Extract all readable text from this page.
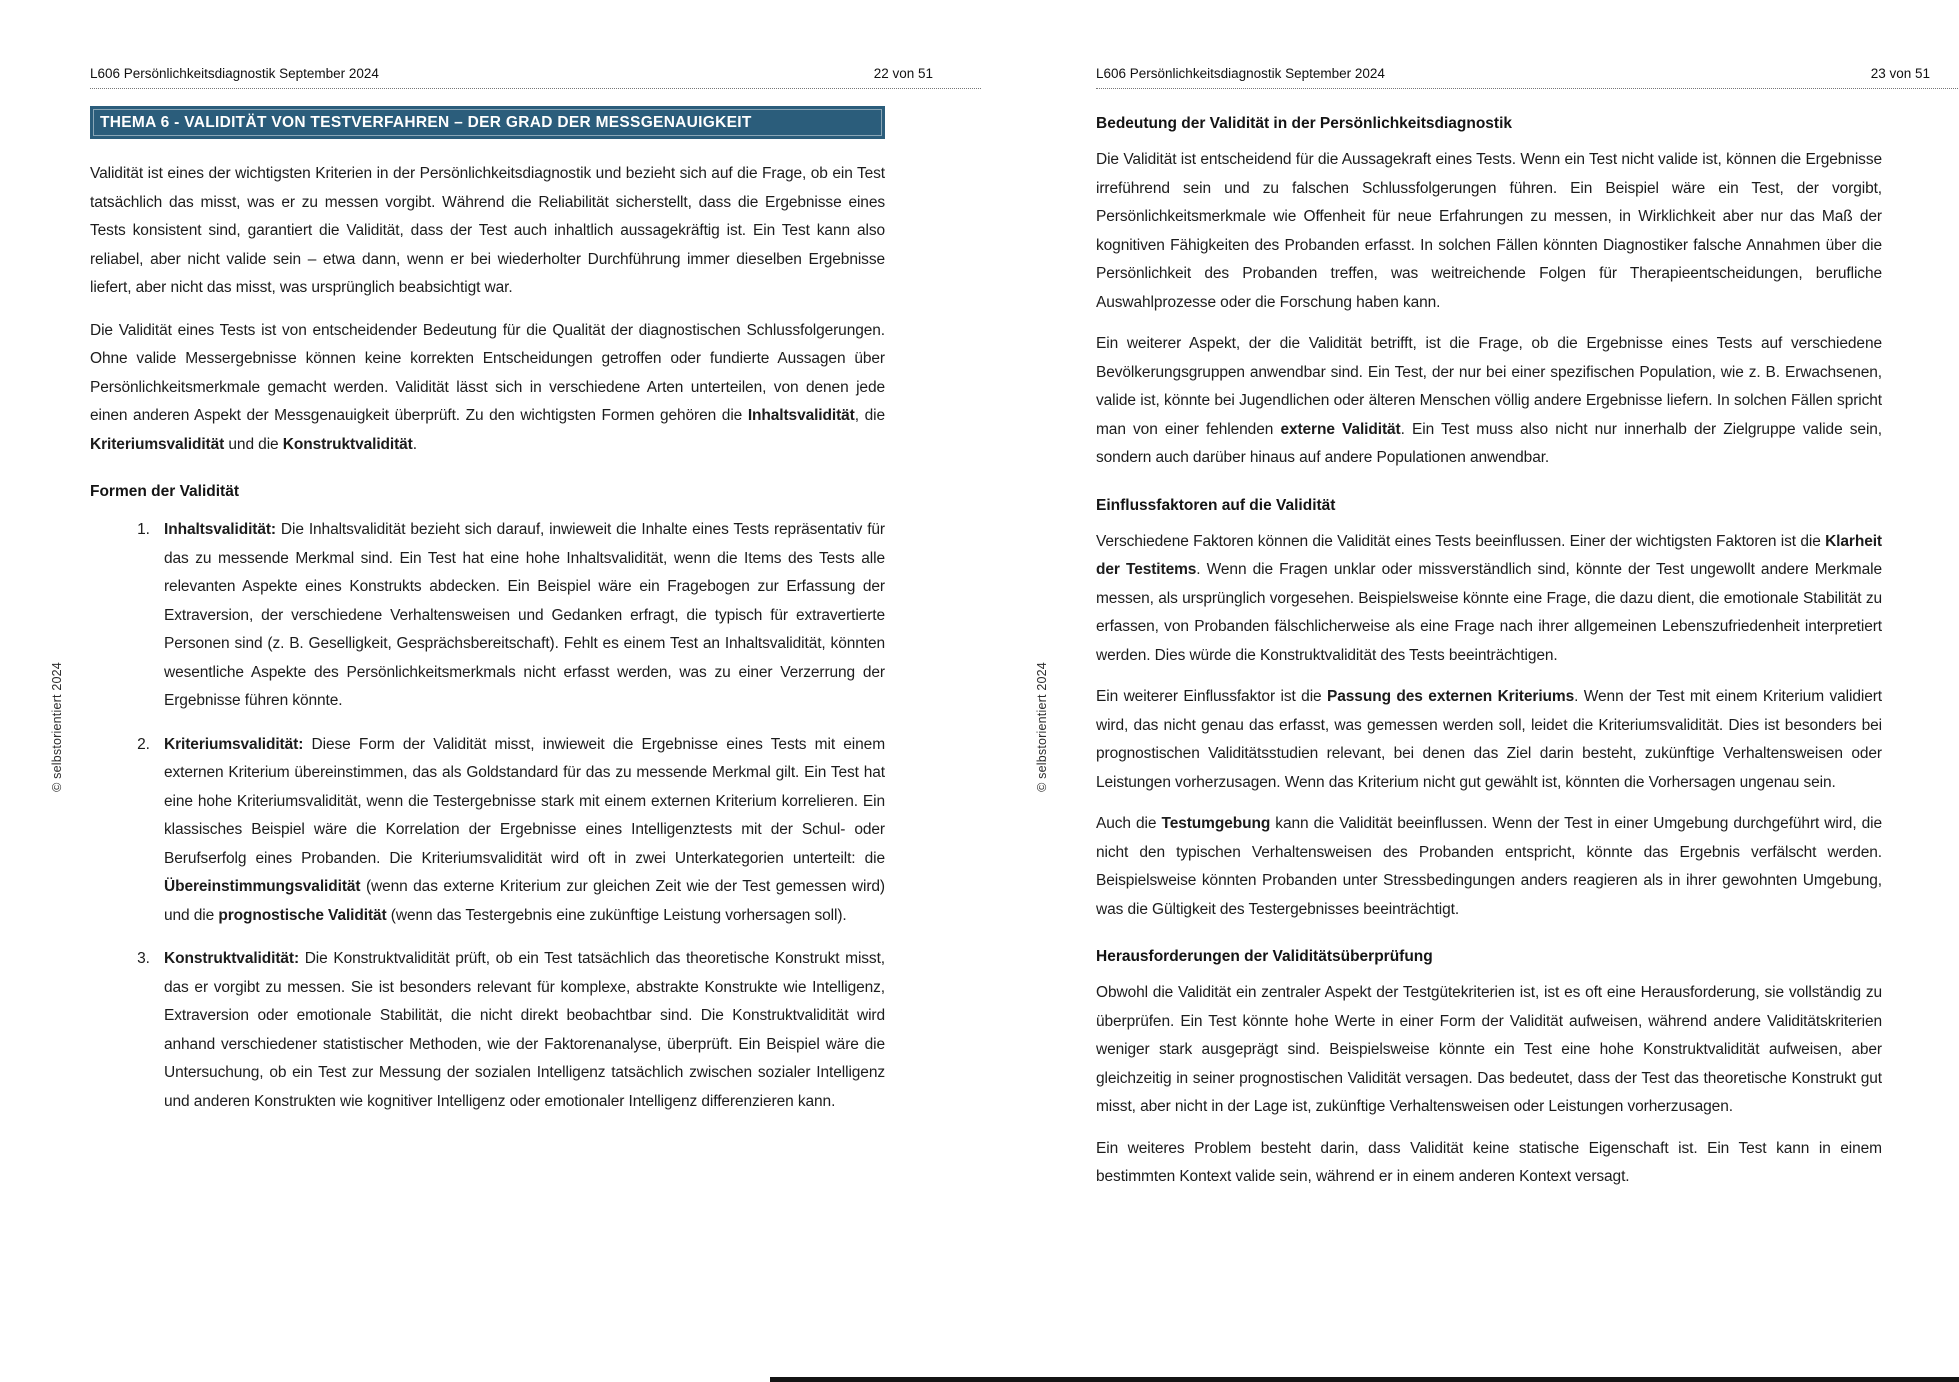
L606 Persönlichkeitsdiagnostik September 2024	22 von 51
THEMA 6 - VALIDITÄT VON TESTVERFAHREN – DER GRAD DER MESSGENAUIGKEIT

Validität ist eines der wichtigsten Kriterien in der Persönlichkeitsdiagnostik und bezieht sich auf die Frage, ob ein Test tatsächlich das misst, was er zu messen vorgibt. Während die Reliabilität sicherstellt, dass die Ergebnisse eines Tests konsistent sind, garantiert die Validität, dass der Test auch inhaltlich aussagekräftig ist. Ein Test kann also reliabel, aber nicht valide sein – etwa dann, wenn er bei wiederholter Durchführung immer dieselben Ergebnisse liefert, aber nicht das misst, was ursprünglich beabsichtigt war.

Die Validität eines Tests ist von entscheidender Bedeutung für die Qualität der diagnostischen Schlussfolgerungen. Ohne valide Messergebnisse können keine korrekten Entscheidungen getroffen oder fundierte Aussagen über Persönlichkeitsmerkmale gemacht werden. Validität lässt sich in verschiedene Arten unterteilen, von denen jede einen anderen Aspekt der Messgenauigkeit überprüft. Zu den wichtigsten Formen gehören die Inhaltsvalidität, die Kriteriumsvalidität und die Konstruktvalidität.

Formen der Validität
1. Inhaltsvalidität: Die Inhaltsvalidität bezieht sich darauf, inwieweit die Inhalte eines Tests repräsentativ für das zu messende Merkmal sind. Ein Test hat eine hohe Inhaltsvalidität, wenn die Items des Tests alle relevanten Aspekte eines Konstrukts abdecken. Ein Beispiel wäre ein Fragebogen zur Erfassung der Extraversion, der verschiedene Verhaltensweisen und Gedanken erfragt, die typisch für extravertierte Personen sind (z. B. Geselligkeit, Gesprächsbereitschaft). Fehlt es einem Test an Inhaltsvalidität, könnten wesentliche Aspekte des Persönlichkeitsmerkmals nicht erfasst werden, was zu einer Verzerrung der Ergebnisse führen könnte.
2. Kriteriumsvalidität: Diese Form der Validität misst, inwieweit die Ergebnisse eines Tests mit einem externen Kriterium übereinstimmen, das als Goldstandard für das zu messende Merkmal gilt. Ein Test hat eine hohe Kriteriumsvalidität, wenn die Testergebnisse stark mit einem externen Kriterium korrelieren. Ein klassisches Beispiel wäre die Korrelation der Ergebnisse eines Intelligenztests mit der Schul- oder Berufserfolg eines Probanden. Die Kriteriumsvalidität wird oft in zwei Unterkategorien unterteilt: die Übereinstimmungsvalidität (wenn das externe Kriterium zur gleichen Zeit wie der Test gemessen wird) und die prognostische Validität (wenn das Testergebnis eine zukünftige Leistung vorhersagen soll).
3. Konstruktvalidität: Die Konstruktvalidität prüft, ob ein Test tatsächlich das theoretische Konstrukt misst, das er vorgibt zu messen. Sie ist besonders relevant für komplexe, abstrakte Konstrukte wie Intelligenz, Extraversion oder emotionale Stabilität, die nicht direkt beobachtbar sind. Die Konstruktvalidität wird anhand verschiedener statistischer Methoden, wie der Faktorenanalyse, überprüft. Ein Beispiel wäre die Untersuchung, ob ein Test zur Messung der sozialen Intelligenz tatsächlich zwischen sozialer Intelligenz und anderen Konstrukten wie kognitiver Intelligenz oder emotionaler Intelligenz differenzieren kann.
L606 Persönlichkeitsdiagnostik September 2024	23 von 51
Bedeutung der Validität in der Persönlichkeitsdiagnostik

Die Validität ist entscheidend für die Aussagekraft eines Tests. Wenn ein Test nicht valide ist, können die Ergebnisse irreführend sein und zu falschen Schlussfolgerungen führen. Ein Beispiel wäre ein Test, der vorgibt, Persönlichkeitsmerkmale wie Offenheit für neue Erfahrungen zu messen, in Wirklichkeit aber nur das Maß der kognitiven Fähigkeiten des Probanden erfasst. In solchen Fällen könnten Diagnostiker falsche Annahmen über die Persönlichkeit des Probanden treffen, was weitreichende Folgen für Therapieentscheidungen, berufliche Auswahlprozesse oder die Forschung haben kann.

Ein weiterer Aspekt, der die Validität betrifft, ist die Frage, ob die Ergebnisse eines Tests auf verschiedene Bevölkerungsgruppen anwendbar sind. Ein Test, der nur bei einer spezifischen Population, wie z. B. Erwachsenen, valide ist, könnte bei Jugendlichen oder älteren Menschen völlig andere Ergebnisse liefern. In solchen Fällen spricht man von einer fehlenden externe Validität. Ein Test muss also nicht nur innerhalb der Zielgruppe valide sein, sondern auch darüber hinaus auf andere Populationen anwendbar.

Einflussfaktoren auf die Validität

Verschiedene Faktoren können die Validität eines Tests beeinflussen. Einer der wichtigsten Faktoren ist die Klarheit der Testitems. Wenn die Fragen unklar oder missverständlich sind, könnte der Test ungewollt andere Merkmale messen, als ursprünglich vorgesehen. Beispielsweise könnte eine Frage, die dazu dient, die emotionale Stabilität zu erfassen, von Probanden fälschlicherweise als eine Frage nach ihrer allgemeinen Lebenszufriedenheit interpretiert werden. Dies würde die Konstruktvalidität des Tests beeinträchtigen.

Ein weiterer Einflussfaktor ist die Passung des externen Kriteriums. Wenn der Test mit einem Kriterium validiert wird, das nicht genau das erfasst, was gemessen werden soll, leidet die Kriteriumsvalidität. Dies ist besonders bei prognostischen Validitätsstudien relevant, bei denen das Ziel darin besteht, zukünftige Verhaltensweisen oder Leistungen vorherzusagen. Wenn das Kriterium nicht gut gewählt ist, könnten die Vorhersagen ungenau sein.

Auch die Testumgebung kann die Validität beeinflussen. Wenn der Test in einer Umgebung durchgeführt wird, die nicht den typischen Verhaltensweisen des Probanden entspricht, könnte das Ergebnis verfälscht werden. Beispielsweise könnten Probanden unter Stressbedingungen anders reagieren als in ihrer gewohnten Umgebung, was die Gültigkeit des Testergebnisses beeinträchtigt.

Herausforderungen der Validitätsüberprüfung

Obwohl die Validität ein zentraler Aspekt der Testgütekriterien ist, ist es oft eine Herausforderung, sie vollständig zu überprüfen. Ein Test könnte hohe Werte in einer Form der Validität aufweisen, während andere Validitätskriterien weniger stark ausgeprägt sind. Beispielsweise könnte ein Test eine hohe Konstruktvalidität aufweisen, aber gleichzeitig in seiner prognostischen Validität versagen. Das bedeutet, dass der Test das theoretische Konstrukt gut misst, aber nicht in der Lage ist, zukünftige Verhaltensweisen oder Leistungen vorherzusagen.

Ein weiteres Problem besteht darin, dass Validität keine statische Eigenschaft ist. Ein Test kann in einem bestimmten Kontext valide sein, während er in einem anderen Kontext versagt.

© selbstorientiert 2024	© selbstorientiert 2024
